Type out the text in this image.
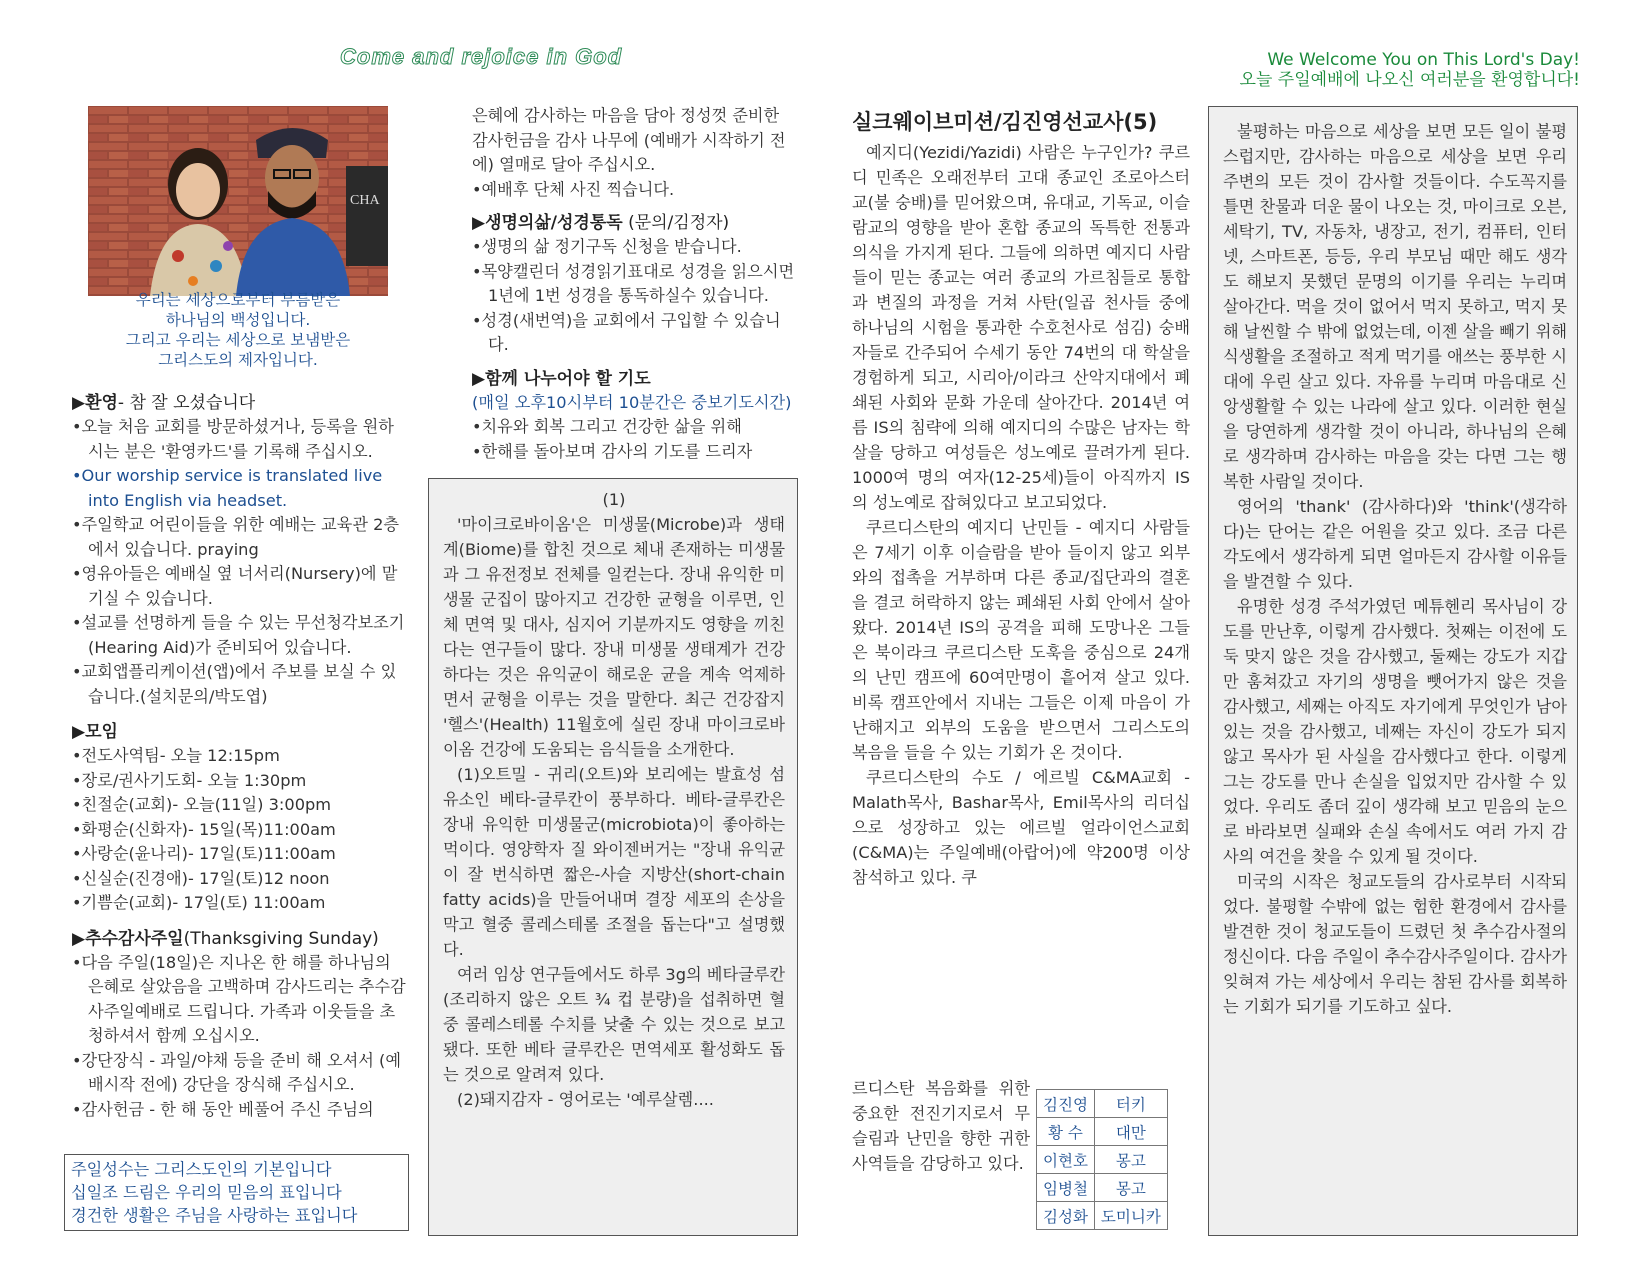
Come and rejoice in God	We Welcome You on This Lord's Day!
오늘 주일예배에 나오신 여러분을 환영합니다!
CHA
우리는 세상으로부터 부름받은
하나님의 백성입니다.
그리고 우리는 세상으로 보냄받은
그리스도의 제자입니다.
▶환영- 참 잘 오셨습니다

•오늘 처음 교회를 방문하셨거나, 등록을 원하시는 분은 '환영카드'를 기록해 주십시오.

•Our worship service is translated live into English via headset.

•주일학교 어린이들을 위한 예배는 교육관 2층에서 있습니다. praying

•영유아들은 예배실 옆 너서리(Nursery)에 맡기실 수 있습니다.

•설교를 선명하게 들을 수 있는 무선청각보조기(Hearing Aid)가 준비되어 있습니다.

•교회앱플리케이션(앱)에서 주보를 보실 수 있습니다.(설치문의/박도엽)

▶모임

•전도사역팀- 오늘 12:15pm

•장로/권사기도회- 오늘 1:30pm

•친절순(교회)- 오늘(11일) 3:00pm

•화평순(신화자)- 15일(목)11:00am

•사랑순(윤나리)- 17일(토)11:00am

•신실순(진경애)- 17일(토)12 noon

•기쁨순(교회)- 17일(토) 11:00am

▶추수감사주일(Thanksgiving Sunday)

•다음 주일(18일)은 지나온 한 해를 하나님의 은혜로 살았음을 고백하며 감사드리는 추수감사주일예배로 드립니다. 가족과 이웃들을 초청하셔서 함께 오십시오.

•강단장식 - 과일/야채 등을 준비 해 오셔서 (예배시작 전에) 강단을 장식해 주십시오.

•감사헌금 - 한 해 동안 베풀어 주신 주님의

주일성수는 그리스도인의 기본입니다
십일조 드림은 우리의 믿음의 표입니다
경건한 생활은 주님을 사랑하는 표입니다

은혜에 감사하는 마음을 담아 정성껏 준비한 감사헌금을 감사 나무에 (예배가 시작하기 전에) 열매로 달아 주십시오.

•예배후 단체 사진 찍습니다.

▶생명의삶/성경통독 (문의/김정자)

•생명의 삶 정기구독 신청을 받습니다.

•목양캘린더 성경읽기표대로 성경을 읽으시면 1년에 1번 성경을 통독하실수 있습니다.

•성경(새번역)을 교회에서 구입할 수 있습니다.

▶함께 나누어야 할 기도

(매일 오후10시부터 10분간은 중보기도시간)

•치유와 회복 그리고 건강한 삶을 위해

•한해를 돌아보며 감사의 기도를 드리자

(1)

'마이크로바이옴'은 미생물(Microbe)과 생태계(Biome)를 합친 것으로 체내 존재하는 미생물과 그 유전정보 전체를 일컫는다. 장내 유익한 미생물 군집이 많아지고 건강한 균형을 이루면, 인체 면역 및 대사, 심지어 기분까지도 영향을 끼친다는 연구들이 많다. 장내 미생물 생태계가 건강하다는 것은 유익균이 해로운 균을 계속 억제하면서 균형을 이루는 것을 말한다. 최근 건강잡지 '헬스'(Health) 11월호에 실린 장내 마이크로바이옴 건강에 도움되는 음식들을 소개한다.

(1)오트밀 - 귀리(오트)와 보리에는 발효성 섬유소인 베타-글루칸이 풍부하다. 베타-글루칸은 장내 유익한 미생물군(microbiota)이 좋아하는 먹이다. 영양학자 질 와이젠버거는 "장내 유익균이 잘 번식하면 짧은-사슬 지방산(short-chain fatty acids)을 만들어내며 결장 세포의 손상을 막고 혈중 콜레스테롤 조절을 돕는다"고 설명했다.

여러 임상 연구들에서도 하루 3g의 베타글루칸(조리하지 않은 오트 ¾ 컵 분량)을 섭취하면 혈중 콜레스테롤 수치를 낮출 수 있는 것으로 보고됐다. 또한 베타 글루칸은 면역세포 활성화도 돕는 것으로 알려져 있다.

(2)돼지감자 - 영어로는 '예루살렘....

실크웨이브미션/김진영선교사(5)

예지디(Yezidi/Yazidi) 사람은 누구인가? 쿠르디 민족은 오래전부터 고대 종교인 조로아스터교(불 숭배)를 믿어왔으며, 유대교, 기독교, 이슬람교의 영향을 받아 혼합 종교의 독특한 전통과 의식을 가지게 된다. 그들에 의하면 예지디 사람들이 믿는 종교는 여러 종교의 가르침들로 통합과 변질의 과정을 거쳐 사탄(일곱 천사들 중에 하나님의 시험을 통과한 수호천사로 섬김) 숭배자들로 간주되어 수세기 동안 74번의 대 학살을 경험하게 되고, 시리아/이라크 산악지대에서 폐쇄된 사회와 문화 가운데 살아간다. 2014년 여름 IS의 침략에 의해 예지디의 수많은 남자는 학살을 당하고 여성들은 성노예로 끌려가게 된다. 1000여 명의 여자(12-25세)들이 아직까지 IS의 성노예로 잡혀있다고 보고되었다.

쿠르디스탄의 예지디 난민들 - 예지디 사람들은 7세기 이후 이슬람을 받아 들이지 않고 외부와의 접촉을 거부하며 다른 종교/집단과의 결혼을 결코 허락하지 않는 폐쇄된 사회 안에서 살아왔다. 2014년 IS의 공격을 피해 도망나온 그들은 북이라크 쿠르디스탄 도훅을 중심으로 24개의 난민 캠프에 60여만명이 흩어져 살고 있다. 비록 캠프안에서 지내는 그들은 이제 마음이 가난해지고 외부의 도움을 받으면서 그리스도의 복음을 들을 수 있는 기회가 온 것이다.

쿠르디스탄의 수도 / 에르빌 C&MA교회 - Malath목사, Bashar목사, Emil목사의 리더십으로 성장하고 있는 에르빌 얼라이언스교회(C&MA)는 주일예배(아랍어)에 약200명 이상 참석하고 있다. 쿠

르디스탄 복음화를 위한 중요한 전진기지로서 무슬림과 난민을 향한 귀한 사역들을 감당하고 있다.

김진영	터키
황 수	대만
이현호	몽고
임병철	몽고
김성화	도미니카

불평하는 마음으로 세상을 보면 모든 일이 불평스럽지만, 감사하는 마음으로 세상을 보면 우리 주변의 모든 것이 감사할 것들이다. 수도꼭지를 틀면 찬물과 더운 물이 나오는 것, 마이크로 오븐, 세탁기, TV, 자동차, 냉장고, 전기, 컴퓨터, 인터넷, 스마트폰, 등등, 우리 부모님 때만 해도 생각도 해보지 못했던 문명의 이기를 우리는 누리며 살아간다. 먹을 것이 없어서 먹지 못하고, 먹지 못해 날씬할 수 밖에 없었는데, 이젠 살을 빼기 위해 식생활을 조절하고 적게 먹기를 애쓰는 풍부한 시대에 우린 살고 있다. 자유를 누리며 마음대로 신앙생활할 수 있는 나라에 살고 있다. 이러한 현실을 당연하게 생각할 것이 아니라, 하나님의 은혜로 생각하며 감사하는 마음을 갖는 다면 그는 행복한 사람일 것이다.

영어의 'thank' (감사하다)와 'think'(생각하다)는 단어는 같은 어원을 갖고 있다. 조금 다른 각도에서 생각하게 되면 얼마든지 감사할 이유들을 발견할 수 있다.

유명한 성경 주석가였던 메튜헨리 목사님이 강도를 만난후, 이렇게 감사했다. 첫째는 이전에 도둑 맞지 않은 것을 감사했고, 둘째는 강도가 지갑만 훔쳐갔고 자기의 생명을 뺏어가지 않은 것을 감사했고, 세째는 아직도 자기에게 무엇인가 남아 있는 것을 감사했고, 네째는 자신이 강도가 되지 않고 목사가 된 사실을 감사했다고 한다. 이렇게 그는 강도를 만나 손실을 입었지만 감사할 수 있었다. 우리도 좀더 깊이 생각해 보고 믿음의 눈으로 바라보면 실패와 손실 속에서도 여러 가지 감사의 여건을 찾을 수 있게 될 것이다.

미국의 시작은 청교도들의 감사로부터 시작되었다. 불평할 수밖에 없는 험한 환경에서 감사를 발견한 것이 청교도들이 드렸던 첫 추수감사절의 정신이다. 다음 주일이 추수감사주일이다. 감사가 잊혀져 가는 세상에서 우리는 참된 감사를 회복하는 기회가 되기를 기도하고 싶다.
